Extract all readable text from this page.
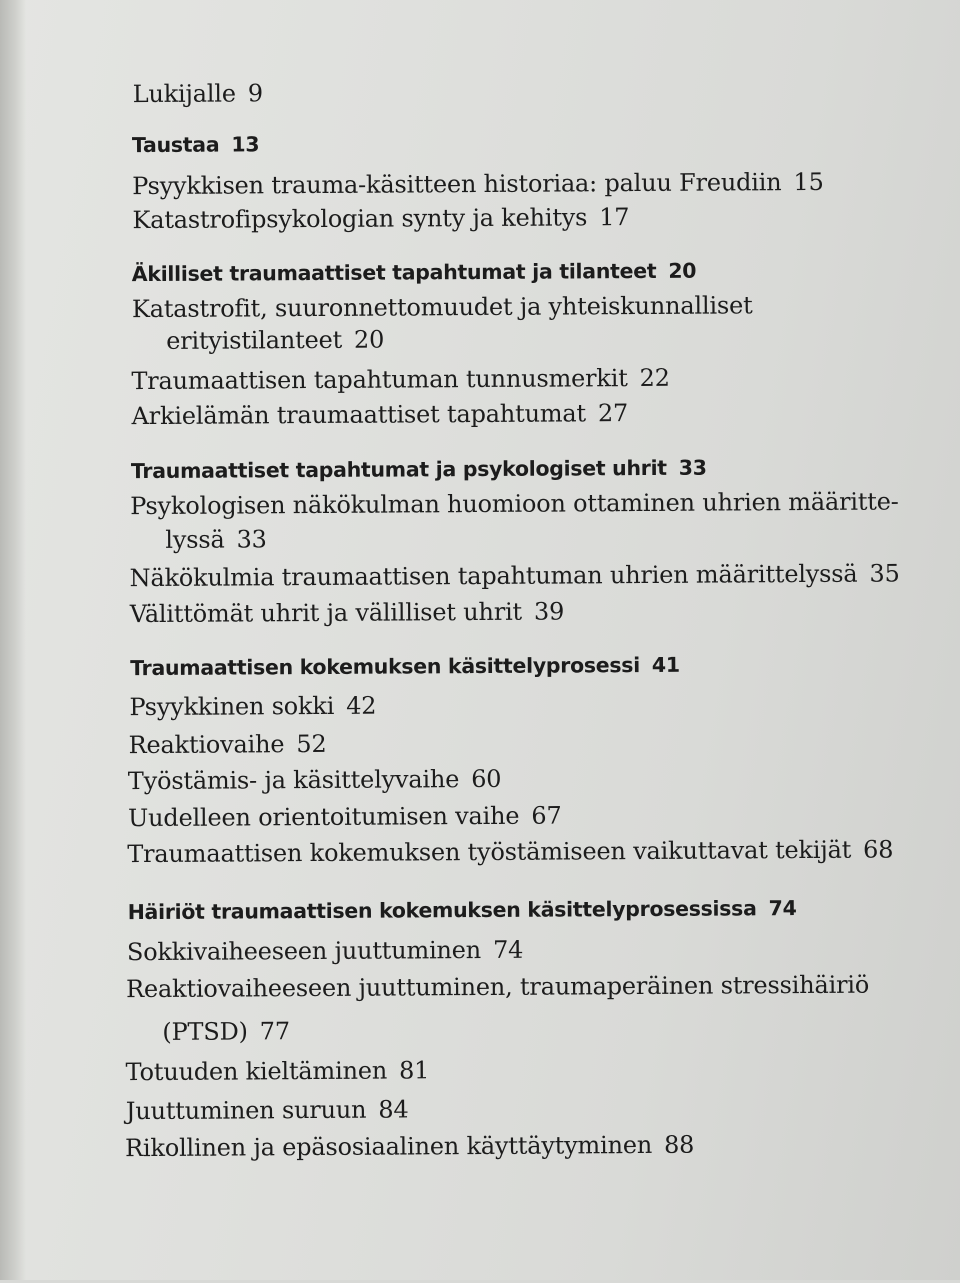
Lukijalle 9
Taustaa 13
Psyykkisen trauma-käsitteen historiaa: paluu Freudiin 15
Katastrofipsykologian synty ja kehitys 17
Äkilliset traumaattiset tapahtumat ja tilanteet 20
Katastrofit, suuronnettomuudet ja yhteiskunnalliset
erityistilanteet 20
Traumaattisen tapahtuman tunnusmerkit 22
Arkielämän traumaattiset tapahtumat 27
Traumaattiset tapahtumat ja psykologiset uhrit 33
Psykologisen näkökulman huomioon ottaminen uhrien määritte-
lyssä 33
Näkökulmia traumaattisen tapahtuman uhrien määrittelyssä 35
Välittömät uhrit ja välilliset uhrit 39
Traumaattisen kokemuksen käsittelyprosessi 41
Psyykkinen sokki 42
Reaktiovaihe 52
Työstämis- ja käsittelyvaihe 60
Uudelleen orientoitumisen vaihe 67
Traumaattisen kokemuksen työstämiseen vaikuttavat tekijät 68
Häiriöt traumaattisen kokemuksen käsittelyprosessissa 74
Sokkivaiheeseen juuttuminen 74
Reaktiovaiheeseen juuttuminen, traumaperäinen stressihäiriö
(PTSD) 77
Totuuden kieltäminen 81
Juuttuminen suruun 84
Rikollinen ja epäsosiaalinen käyttäytyminen 88
